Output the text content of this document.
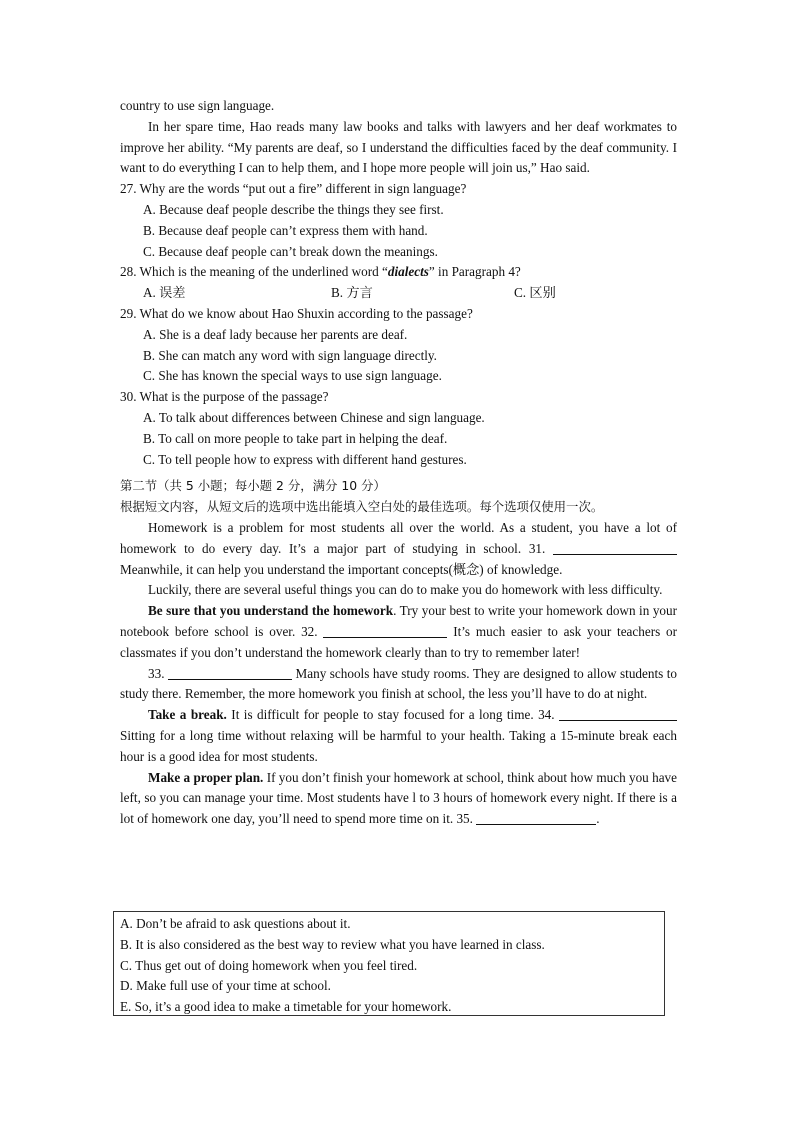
country to use sign language.

In her spare time, Hao reads many law books and talks with lawyers and her deaf workmates to improve her ability. “My parents are deaf, so I understand the difficulties faced by the deaf community. I want to do everything I can to help them, and I hope more people will join us,” Hao said.

27. Why are the words “put out a fire” different in sign language?

A. Because deaf people describe the things they see first.

B. Because deaf people can’t express them with hand.

C. Because deaf people can’t break down the meanings.

28. Which is the meaning of the underlined word “dialects” in Paragraph 4?

A. 误差	B. 方言	C. 区别

29. What do we know about Hao Shuxin according to the passage?

A. She is a deaf lady because her parents are deaf.

B. She can match any word with sign language directly.

C. She has known the special ways to use sign language.

30. What is the purpose of the passage?

A. To talk about differences between Chinese and sign language.

B. To call on more people to take part in helping the deaf.

C. To tell people how to express with different hand gestures.

第二节（共 5 小题；每小题 2 分，满分 10 分）

根据短文内容，从短文后的选项中选出能填入空白处的最佳选项。每个选项仅使用一次。

Homework is a problem for most students all over the world. As a student, you have a lot of homework to do every day. It’s a major part of studying in school. 31.  Meanwhile, it can help you understand the important concepts(概念) of knowledge.

Luckily, there are several useful things you can do to make you do homework with less difficulty.

Be sure that you understand the homework. Try your best to write your homework down in your notebook before school is over. 32.	It’s much easier to ask your teachers or classmates if you don’t understand the homework clearly than to try to remember later!

33.	Many schools have study rooms. They are designed to allow students to study there. Remember, the more homework you finish at school, the less you’ll have to do at night.

Take a break. It is difficult for people to stay focused for a long time. 34.  Sitting for a long time without relaxing will be harmful to your health. Taking a 15-minute break each hour is a good idea for most students.

Make a proper plan. If you don’t finish your homework at school, think about how much you have left, so you can manage your time. Most students have l to 3 hours of homework every night. If there is a lot of homework one day, you’ll need to spend more time on it. 35.	.

A. Don’t be afraid to ask questions about it.

B. It is also considered as the best way to review what you have learned in class.

C. Thus get out of doing homework when you feel tired.

D. Make full use of your time at school.

E. So, it’s a good idea to make a timetable for your homework.
